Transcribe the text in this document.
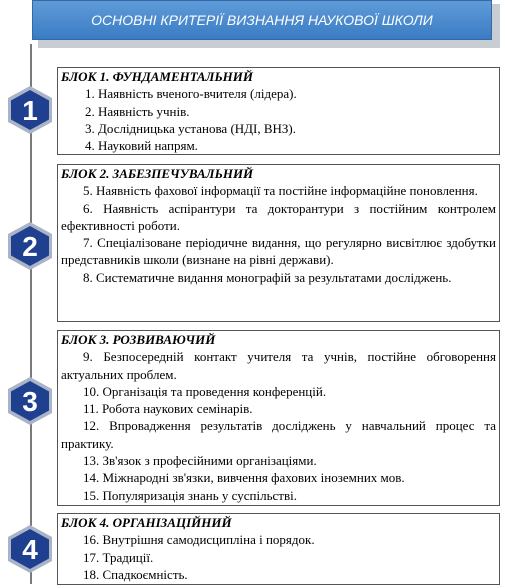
ОСНОВНІ КРИТЕРІЇ ВИЗНАННЯ НАУКОВОЇ ШКОЛИ
БЛОК 1. ФУНДАМЕНТАЛЬНИЙ
1. Наявність вченого-вчителя (лідера).
2. Наявність учнів.
3. Дослідницька установа (НДІ, ВНЗ).
4. Науковий напрям.
БЛОК 2. ЗАБЕЗПЕЧУВАЛЬНИЙ

5. Наявність фахової інформації та постійне інформаційне поновлення.

6. Наявність аспірантури та докторантури з постійним контролем ефективності роботи.

7. Спеціалізоване періодичне видання, що регулярно висвітлює здобутки представників школи (визнане на рівні держави).

8. Систематичне видання монографій за результатами досліджень.

БЛОК 3. РОЗВИВАЮЧИЙ

9. Безпосередній контакт учителя та учнів, постійне обговорення актуальних проблем.

10. Організація та проведення конференцій.

11. Робота наукових семінарів.

12. Впровадження результатів досліджень у навчальний процес та практику.

13. Зв'язок з професійними організаціями.

14. Міжнародні зв'язки, вивчення фахових іноземних мов.

15. Популяризація знань у суспільстві.

БЛОК 4. ОРГАНІЗАЦІЙНИЙ

16. Внутрішня самодисципліна і порядок.

17. Традиції.

18. Спадкоємність.

1
2
3
4
